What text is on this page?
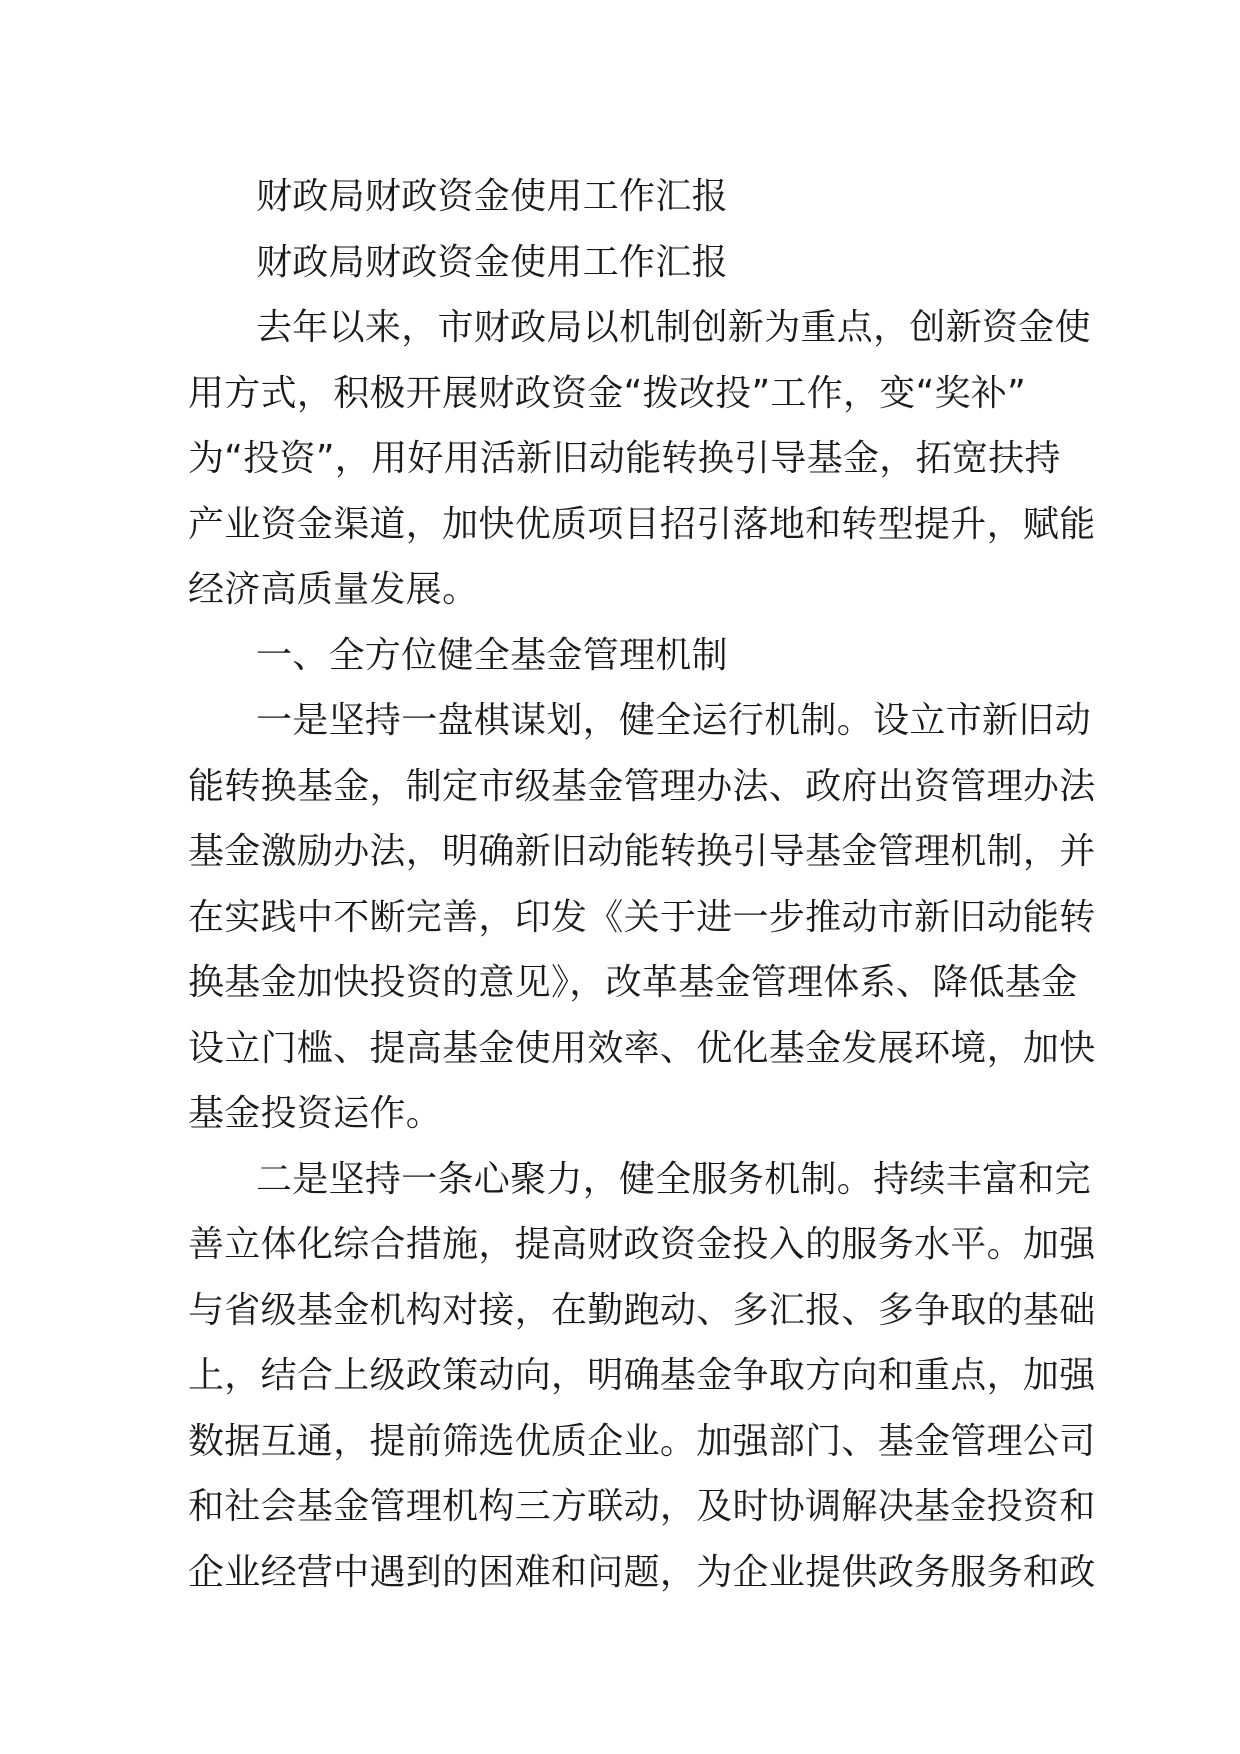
财政局财政资金使用工作汇报
财政局财政资金使用工作汇报
去年以来，市财政局以机制创新为重点，创新资金使
用方式，积极开展财政资金“拨改投”工作，变“奖补”
为“投资”，用好用活新旧动能转换引导基金，拓宽扶持
产业资金渠道，加快优质项目招引落地和转型提升，赋能
经济高质量发展。
一、全方位健全基金管理机制
一是坚持一盘棋谋划，健全运行机制。设立市新旧动
能转换基金，制定市级基金管理办法、政府出资管理办法
基金激励办法，明确新旧动能转换引导基金管理机制，并
在实践中不断完善，印发《关于进一步推动市新旧动能转
换基金加快投资的意见》，改革基金管理体系、降低基金
设立门槛、提高基金使用效率、优化基金发展环境，加快
基金投资运作。
二是坚持一条心聚力，健全服务机制。持续丰富和完
善立体化综合措施，提高财政资金投入的服务水平。加强
与省级基金机构对接，在勤跑动、多汇报、多争取的基础
上，结合上级政策动向，明确基金争取方向和重点，加强
数据互通，提前筛选优质企业。加强部门、基金管理公司
和社会基金管理机构三方联动，及时协调解决基金投资和
企业经营中遇到的困难和问题，为企业提供政务服务和政
